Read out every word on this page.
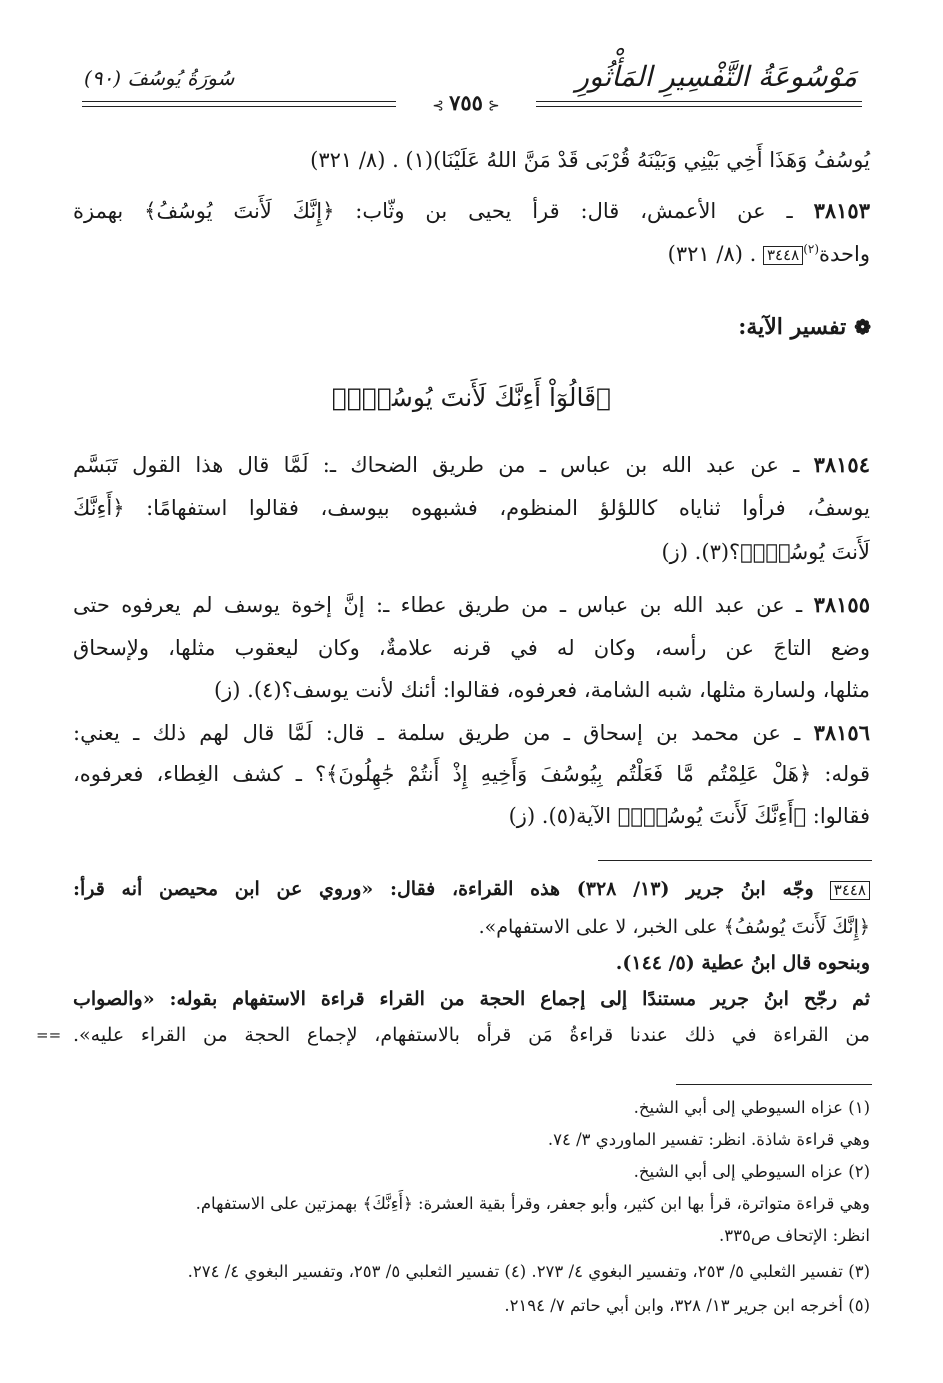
مَوْسُوعَةُ التَّفْسِيرِ المَأْثُورِ
سُورَةُ يُوسُفَ (٩٠)
⊰ ٧٥٥ ⊱
يُوسُفُ وَهَذَا أَخِي بَيْنِي وَبَيْنَهُ قُرْبَى قَدْ مَنَّ اللهُ عَلَيْنَا)(١) . (٨/ ٣٢١)
٣٨١٥٣ ـ عن الأعمش، قال: قرأ يحيى بن وثّاب: ﴿إِنَّكَ لَأَنتَ يُوسُفُ﴾ بهمزة
واحدة$^{(٢)}$٣٤٤٨ . (٨/ ٣٢١)
❁تفسير الآية:
﴿قَالُوٓاْ أَءِنَّكَ لَأَنتَ يُوسُفُۖ﴾
٣٨١٥٤ ـ عن عبد الله بن عباس ـ من طريق الضحاك ـ: لَمَّا قال هذا القول تَبَسَّم
يوسفُ، فرأوا ثناياه كاللؤلؤ المنظوم، فشبهوه بيوسف، فقالوا استفهامًا: ﴿أَءِنَّكَ
لَأَنتَ يُوسُفُۖ﴾؟(٣). (ز)
٣٨١٥٥ ـ عن عبد الله بن عباس ـ من طريق عطاء ـ: إنَّ إخوة يوسف لم يعرفوه حتى
وضع التاجَ عن رأسه، وكان له في قرنه علامةٌ، وكان ليعقوب مثلها، ولإسحاق
مثلها، ولسارة مثلها، شبه الشامة، فعرفوه، فقالوا: أئنك لأنت يوسف؟(٤). (ز)
٣٨١٥٦ ـ عن محمد بن إسحاق ـ من طريق سلمة ـ قال: لَمَّا قال لهم ذلك ـ يعني:
قوله: ﴿هَلْ عَلِمْتُم مَّا فَعَلْتُم بِيُوسُفَ وَأَخِيهِ إِذْ أَنتُمْ جَٰهِلُونَ﴾؟ ـ كشف الغِطاء، فعرفوه،
فقالوا: ﴿أَءِنَّكَ لَأَنتَ يُوسُفُۖ﴾ الآية(٥). (ز)
٣٤٤٨ وجّه ابنُ جرير (١٣/ ٣٢٨) هذه القراءة، فقال: «وروي عن ابن محيصن أنه قرأ:
﴿إِنَّكَ لَأَنتَ يُوسُفُ﴾ على الخبر، لا على الاستفهام».
وبنحوه قال ابنُ عطية (٥/ ١٤٤).
ثم رجّح ابنُ جرير مستندًا إلى إجماع الحجة من القراء قراءة الاستفهام بقوله: «والصواب
من القراءة في ذلك عندنا قراءةُ مَن قرأه بالاستفهام، لإجماع الحجة من القراء عليه».
==
(١) عزاه السيوطي إلى أبي الشيخ.
وهي قراءة شاذة. انظر: تفسير الماوردي ٣/ ٧٤.
(٢) عزاه السيوطي إلى أبي الشيخ.
وهي قراءة متواترة، قرأ بها ابن كثير، وأبو جعفر، وقرأ بقية العشرة: ﴿أَءِنَّكَ﴾ بهمزتين على الاستفهام.
انظر: الإتحاف ص٣٣٥.
(٣) تفسير الثعلبي ٥/ ٢٥٣، وتفسير البغوي ٤/ ٢٧٣. (٤) تفسير الثعلبي ٥/ ٢٥٣، وتفسير البغوي ٤/ ٢٧٤.
(٥) أخرجه ابن جرير ١٣/ ٣٢٨، وابن أبي حاتم ٧/ ٢١٩٤.
